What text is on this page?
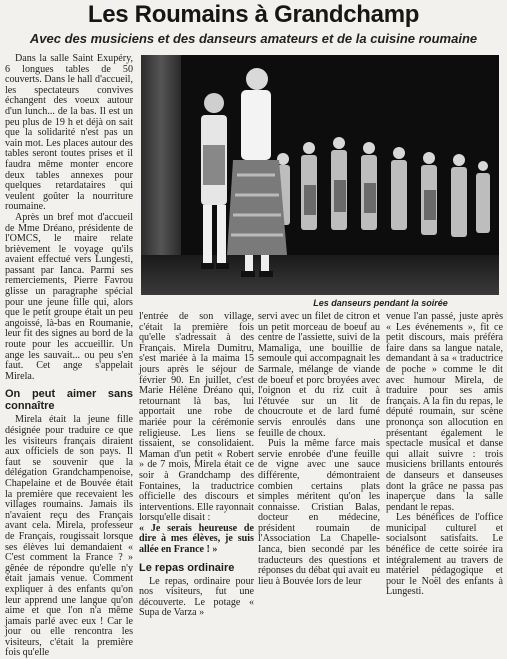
Les Roumains à Grandchamp
Avec des musiciens et des danseurs amateurs et de la cuisine roumaine

Dans la salle Saint Exupéry, 6 longues tables de 50 couverts. Dans le hall d'accueil, les spectateurs convives échangent des voeux autour d'un lunch... de la bas. Il est un peu plus de 19 h et déjà on sait que la solidarité n'est pas un vain mot. Les places autour des tables seront toutes prises et il faudra même monter encore deux tables annexes pour quelques retardataires qui veulent goûter la nourriture roumaine.

Après un bref mot d'accueil de Mme Dréano, présidente de l'OMCS, le maire relate brièvement le voyage qu'ils avaient effectué vers Lungesti, passant par Ianca. Parmi ses remerciements, Pierre Favrou glisse un paragraphe spécial pour une jeune fille qui, alors que le petit groupe était un peu angoissé, là-bas en Roumanie, leur fit des signes au bord de la route pour les accueillir. Un ange les sauvait... ou peu s'en faut. Cet ange s'appelait Mirela.

On peut aimer sans connaître

Mirela était la jeune fille désignée pour traduire ce que les visiteurs français diraient aux officiels de son pays. Il faut se souvenir que la délégation Grandchampenoise, Chapelaine et de Bouvée était la première que recevaient les villages roumains. Jamais ils n'avaient reçu des Français avant cela. Mirela, professeur de Français, rougissait lorsque ses élèves lui demandaient « C'est comment la France ? » gênée de répondre qu'elle n'y était jamais venue. Comment expliquer à des enfants qu'on leur apprend une langue qu'on aime et que l'on n'a même jamais parlé avec eux ! Car le jour ou elle rencontra les visiteurs, c'était la première fois qu'elle

Les danseurs pendant la soirée

l'entrée de son village, c'était la première fois qu'elle s'adressait à des Français. Mirela Dumitru, s'est mariée à la maima 15 jours après le séjour de février 90. En juillet, c'est Marie Hélène Dréano qui, retournant là bas, lui apportait une robe de mariée pour la cérémonie religieuse. Les liens se tissaient, se consolidaient. Maman d'un petit « Robert » de 7 mois, Mirela était ce soir à Grandchamp des Fontaines, la traductrice officielle des discours et interventions. Elle rayonnait lorsqu'elle disait :

« Je serais heureuse de dire à mes élèves, je suis allée en France ! »

Le repas ordinaire

Le repas, ordinaire pour nos visiteurs, fut une découverte. Le potage « Supa de Varza »

servi avec un filet de citron et un petit morceau de boeuf au centre de l'assiette, suivi de la Mamaliga, une bouillie de semoule qui accompagnait les Sarmale, mélange de viande de boeuf et porc broyées avec l'oignon et du riz cuit à l'étuvée sur un lit de choucroute et de lard fumé servis enroulés dans une feuille de choux.

Puis la même farce mais servie enrobée d'une feuille de vigne avec une sauce différente, démontraient combien certains plats simples méritent qu'on les connaisse. Cristian Balas, docteur en médecine, président roumain de l'Association La Chapelle-Ianca, bien secondé par les traducteurs des questions et réponses du débat qui avait eu lieu à Bouvée lors de leur

venue l'an passé, juste après « Les événements », fit ce petit discours, mais préféra faire dans sa langue natale, demandant à sa « traductrice de poche » comme le dit avec humour Mirela, de traduire pour ses amis français. A la fin du repas, le député roumain, sur scène prononça son allocution en présentant également le spectacle musical et danse qui allait suivre : trois musiciens brillants entourés de danseurs et danseuses dont la grâce ne passa pas inaperçue dans la salle pendant le repas.

Les bénéfices de l'office municipal culturel et socialsont satisfaits. Le bénéfice de cette soirée ira intégralement au travers de matériel pédagogique et pour le Noël des enfants à Lungesti.
